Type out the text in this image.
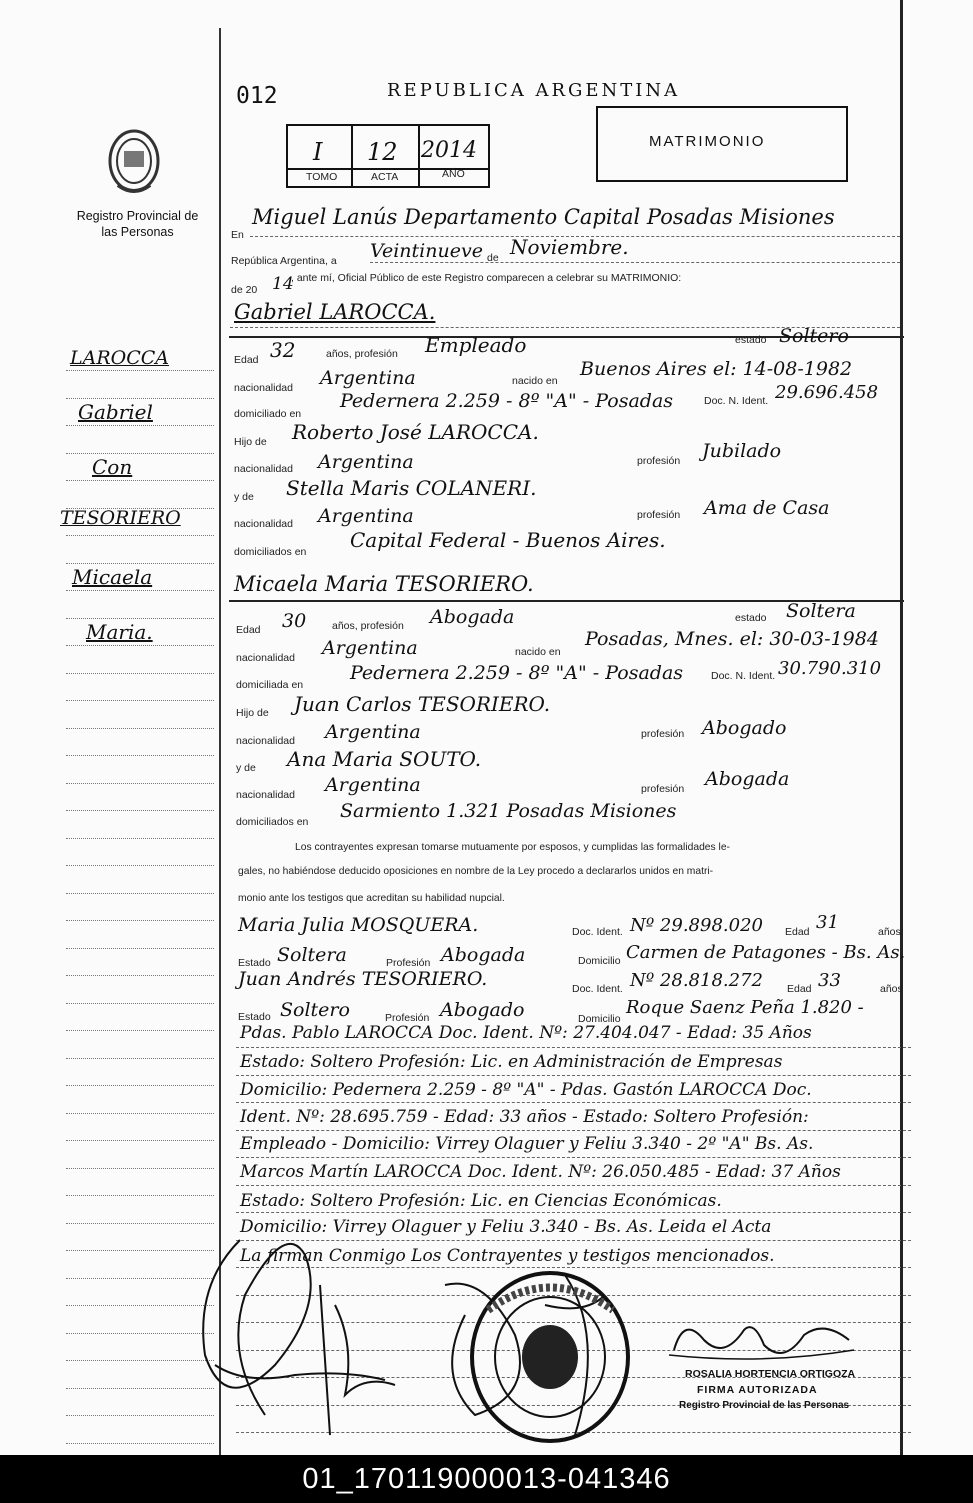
Registro Provincial de las Personas
012	REPUBLICA ARGENTINA
I 12 2014
TOMO	ACTA	AÑO
MATRIMONIO
LAROCCA
Gabriel
Con
TESORIERO
Micaela
Maria.
En
Miguel Lanús Departamento Capital Posadas Misiones
República Argentina, a Veintinueve de Noviembre.
de 20 14
, ante mí, Oficial Público de este Registro comparecen a celebrar su MATRIMONIO:
Gabriel LAROCCA.
Edad 32	años, profesión Empleado	estado Soltero
nacionalidad Argentina	nacido en
Buenos Aires el: 14-08-1982
domiciliado en
Pedernera 2.259 - 8º "A" - Posadas	Doc. N. Ident. 29.696.458
Hijo de Roberto José LAROCCA.
nacionalidad Argentina	profesión Jubilado
y de Stella Maris COLANERI.
nacionalidad Argentina	profesión Ama de Casa
domiciliados en Capital Federal - Buenos Aires.
Micaela Maria TESORIERO.
Edad 30 años, profesión Abogada	estado Soltera
nacionalidad Argentina	nacido en
Posadas, Mnes. el: 30-03-1984
domiciliada en
Pedernera 2.259 - 8º "A" - Posadas	Doc. N. Ident. 30.790.310
Hijo de Juan Carlos TESORIERO.
nacionalidad Argentina	profesión Abogado
y de Ana Maria SOUTO.
nacionalidad Argentina	profesión Abogada
domiciliados en Sarmiento 1.321 Posadas Misiones
Los contrayentes expresan tomarse mutuamente por esposos, y cumplidas las formalidades le-
gales, no habiéndose deducido oposiciones en nombre de la Ley procedo a declararlos unidos en matri-
monio ante los testigos que acreditan su habilidad nupcial.
Maria Julia MOSQUERA.	Doc. Ident. Nº 29.898.020 Edad 31	años
Estado Soltera	Profesión Abogada	Domicilio Carmen de Patagones - Bs. As.
Juan Andrés TESORIERO.	Doc. Ident. Nº 28.818.272 Edad 33	años
Estado Soltero	Profesión Abogado	Domicilio
Roque Saenz Peña 1.820 -
Pdas. Pablo LAROCCA Doc. Ident. Nº: 27.404.047 - Edad: 35 Años
Estado: Soltero Profesión: Lic. en Administración de Empresas
Domicilio: Pedernera 2.259 - 8º "A" - Pdas. Gastón LAROCCA Doc.
Ident. Nº: 28.695.759 - Edad: 33 años - Estado: Soltero Profesión:
Empleado - Domicilio: Virrey Olaguer y Feliu 3.340 - 2º "A" Bs. As.
Marcos Martín LAROCCA Doc. Ident. Nº: 26.050.485 - Edad: 37 Años
Estado: Soltero Profesión: Lic. en Ciencias Económicas.
Domicilio: Virrey Olaguer y Feliu 3.340 - Bs. As. Leida el Acta
La firman Conmigo Los Contrayentes y testigos mencionados.
ROSALIA HORTENCIA ORTIGOZA
FIRMA AUTORIZADA
Registro Provincial de las Personas
01_170119000013-041346
